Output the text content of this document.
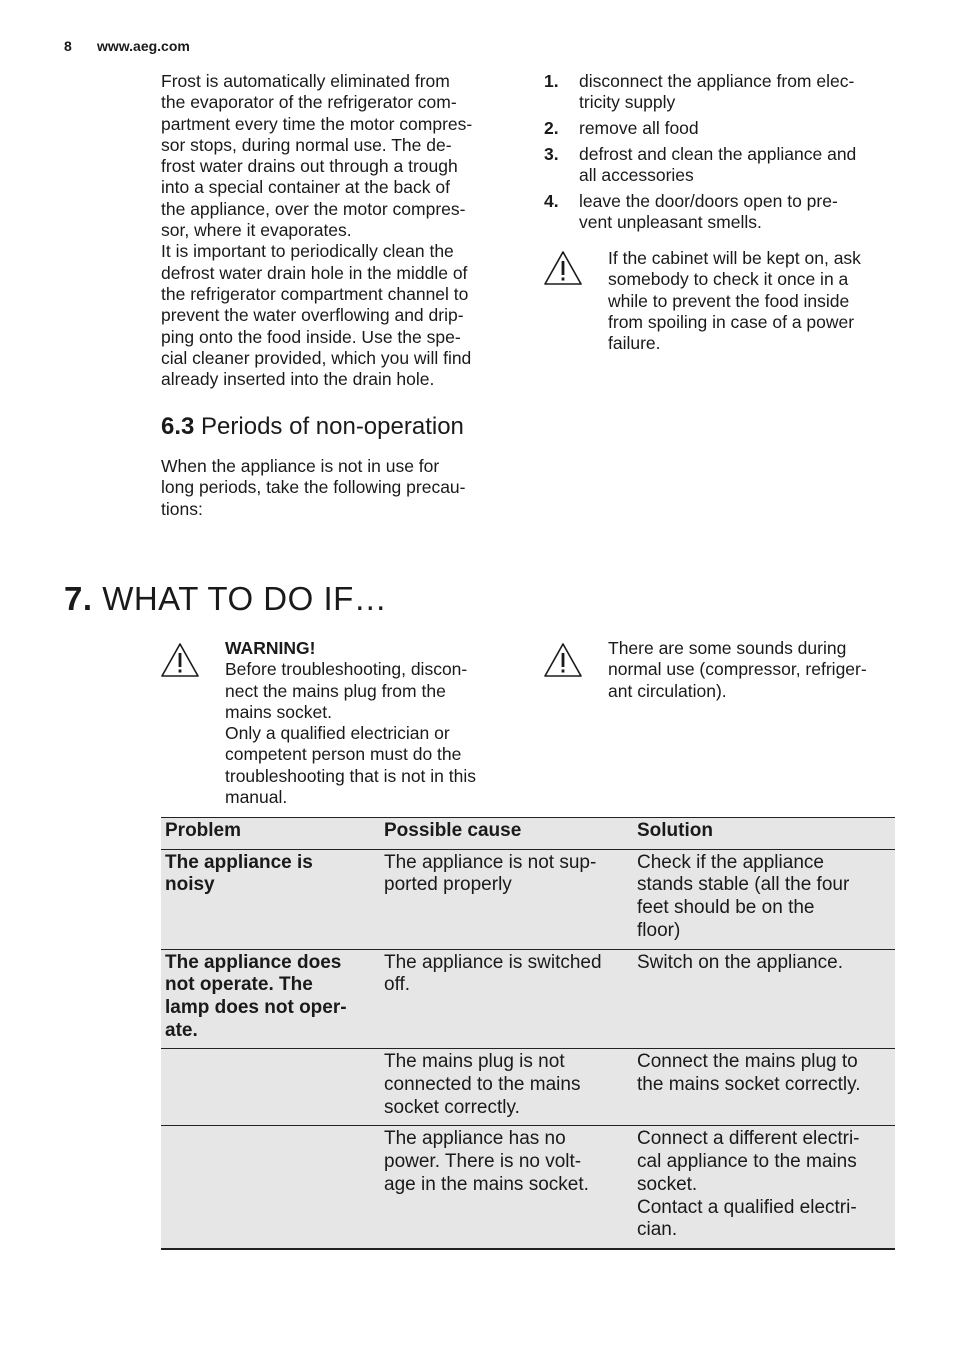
8 www.aeg.com

Frost is automatically eliminated from
the evaporator of the refrigerator com-
partment every time the motor compres-
sor stops, during normal use. The de-
frost water drains out through a trough
into a special container at the back of
the appliance, over the motor compres-
sor, where it evaporates.
It is important to periodically clean the
defrost water drain hole in the middle of
the refrigerator compartment channel to
prevent the water overflowing and drip-
ping onto the food inside. Use the spe-
cial cleaner provided, which you will find
already inserted into the drain hole.

6.3 Periods of non-operation

When the appliance is not in use for
long periods, take the following precau-
tions:

1.	disconnect the appliance from elec-
tricity supply
2.	remove all food
3.	defrost and clean the appliance and
all accessories
4.	leave the door/doors open to pre-
vent unpleasant smells.

If the cabinet will be kept on, ask
somebody to check it once in a
while to prevent the food inside
from spoiling in case of a power
failure.

7. WHAT TO DO IF…

WARNING!

Before troubleshooting, discon-
nect the mains plug from the
mains socket.
Only a qualified electrician or
competent person must do the
troubleshooting that is not in this
manual.

There are some sounds during
normal use (compressor, refriger-
ant circulation).

Problem	Possible cause	Solution
The appliance is
noisy	The appliance is not sup-
ported properly	Check if the appliance
stands stable (all the four
feet should be on the
floor)
The appliance does
not operate. The
lamp does not oper-
ate.	The appliance is switched
off.	Switch on the appliance.
	The mains plug is not
connected to the mains
socket correctly.	Connect the mains plug to
the mains socket correctly.
	The appliance has no
power. There is no volt-
age in the mains socket.	Connect a different electri-
cal appliance to the mains
socket.
Contact a qualified electri-
cian.
